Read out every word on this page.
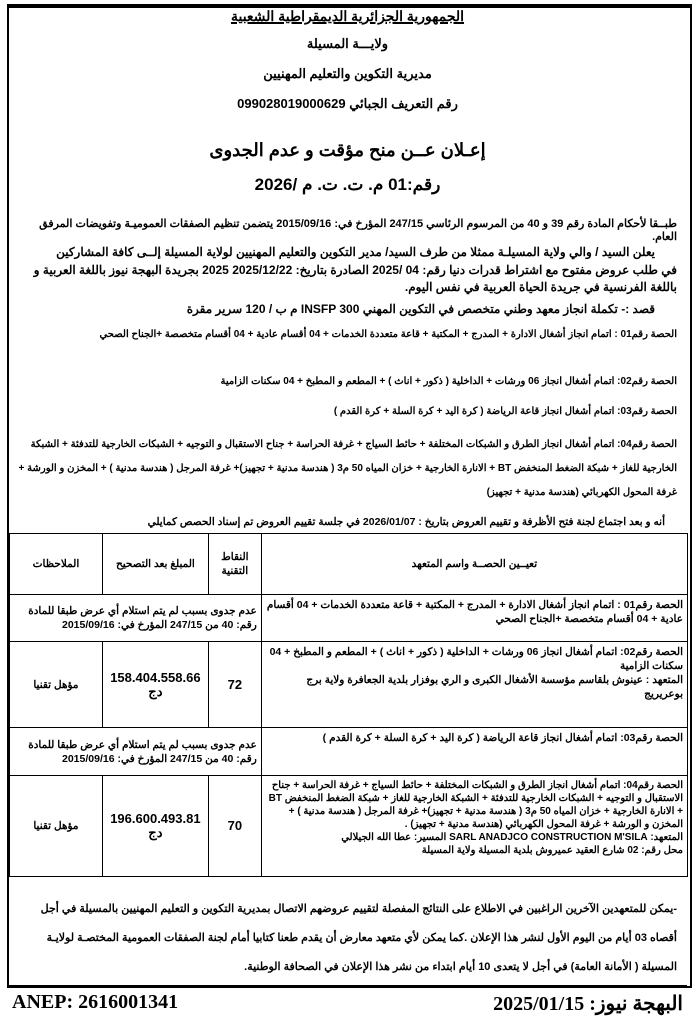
الجمهورية الجزائرية الديمقراطية الشعبية
ولايـــة المسيلة
مديرية التكوين والتعليم المهنيين
رقم التعريف الجبائي 099028019000629
إعـلان عــن منح مؤقت و عدم الجدوى
رقم:01 م. ت. ت. م /2026
طبــقا لأحكام المادة رقم 39 و 40 من المرسوم الرئاسي 247/15 المؤرخ في: 2015/09/16 يتضمن تنظيم الصفقات العموميـة وتفويضات المرفق العام.
يعلن السيد / والي ولاية المسيلـة ممثلا من طرف السيد/ مدير التكوين والتعليم المهنيين لولاية المسيلة إلــى كافة المشاركين
في طلب عروض مفتوح مع اشتراط قدرات دنيا رقم: 04 /2025 الصادرة بتاريخ: 2025/12/22 2025 بجريدة البهجة نيوز باللغة العربية و باللغة الفرنسية في جريدة الحياة العربية في نفس اليوم.
قصد :- تكملة انجاز معهد وطني متخصص في التكوين المهني INSFP 300 م ب / 120 سرير مقرة
الحصة رقم01 : اتمام انجاز أشغال الادارة + المدرج + المكتبة + قاعة متعددة الخدمات + 04 أقسام عادية + 04 أقسام متخصصة +الجناح الصحي
الحصة رقم02: اتمام أشغال انجاز 06 ورشات + الداخلية ( ذكور + اناث ) + المطعم و المطبخ + 04 سكنات الزامية
الحصة رقم03: اتمام أشغال انجاز قاعة الرياضة ( كرة اليد + كرة السلة + كرة القدم )
الحصة رقم04: اتمام أشغال انجاز الطرق و الشبكات المختلفة + حائط السياج + غرفة الحراسة + جناح الاستقبال و التوجيه + الشبكات الخارجية للتدفئة + الشبكة الخارجية للغاز + شبكة الضغط المنخفض BT + الانارة الخارجية + خزان المياه 50 م3 ( هندسة مدنية + تجهيز)+ غرفة المرجل ( هندسة مدنية ) + المخزن و الورشة + غرفة المحول الكهربائي (هندسة مدنية + تجهيز)
أنه و بعد اجتماع لجنة فتح الأظرفة و تقييم العروض بتاريخ : 2026/01/07 في جلسة تقييم العروض تم إسناد الحصص كمايلي
تعيــين الحصــة واسم المتعهد	النقاط التقنية	المبلغ بعد التصحيح	الملاحظات
الحصة رقم01 : اتمام انجاز أشغال الادارة + المدرج + المكتبة + قاعة متعددة الخدمات + 04 أقسام عادية + 04 أقسام متخصصة +الجناح الصحي	عدم جدوى بسبب لم يتم استلام أي عرض طبقا للمادة رقم: 40 من 247/15 المؤرخ في: 2015/09/16		

الحصة رقم02: اتمام أشغال انجاز 06 ورشات + الداخلية ( ذكور + اناث ) + المطعم و المطبخ + 04 سكنات الزامية
المتعهد : عينوش بلقاسم مؤسسة الأشغال الكبرى و الري بوفزار بلدية الجعافرة ولاية برج بوعريريج	72	158.404.558.66 دج	مؤهل تقنيا
الحصة رقم03: اتمام أشغال انجاز قاعة الرياضة ( كرة اليد + كرة السلة + كرة القدم )	عدم جدوى بسبب لم يتم استلام أي عرض طبقا للمادة رقم: 40 من 247/15 المؤرخ في: 2015/09/16		

الحصة رقم04: اتمام أشغال انجاز الطرق و الشبكات المختلفة + حائط السياج + غرفة الحراسة + جناح الاستقبال و التوجيه + الشبكات الخارجية للتدفئة + الشبكة الخارجية للغاز + شبكة الضغط المنخفض BT + الانارة الخارجية + خزان المياه 50 م3 ( هندسة مدنية + تجهيز)+ غرفة المرجل ( هندسة مدنية ) + المخزن و الورشة + غرفة المحول الكهربائي (هندسة مدنية + تجهيز) .
المتعهد: SARL ANADJCO CONSTRUCTION M'SILA المسير: عطا الله الجيلالي
محل رقم: 02 شارع العقيد عميروش بلدية المسيلة ولاية المسيلة	70	196.600.493.81 دج	مؤهل تقنيا
-يمكن للمتعهدين الآخرين الراغبين في الاطلاع على النتائج المفصلة لتقييم عروضهم الاتصال بمديرية التكوين و التعليم المهنيين بالمسيلة في أجل أقصاه 03 أيام من اليوم الأول لنشر هذا الإعلان .كما يمكن لأي متعهد معارض أن يقدم طعنا كتابيا أمام لجنة الصفقات العمومية المختصـة لولايـة المسيلة ( الأمانة العامة) في أجل لا يتعدى 10 أيام ابتداء من نشر هذا الإعلان في الصحافة الوطنية.
ANEP: 2616001341	البهجة نيوز: 2025/01/15
